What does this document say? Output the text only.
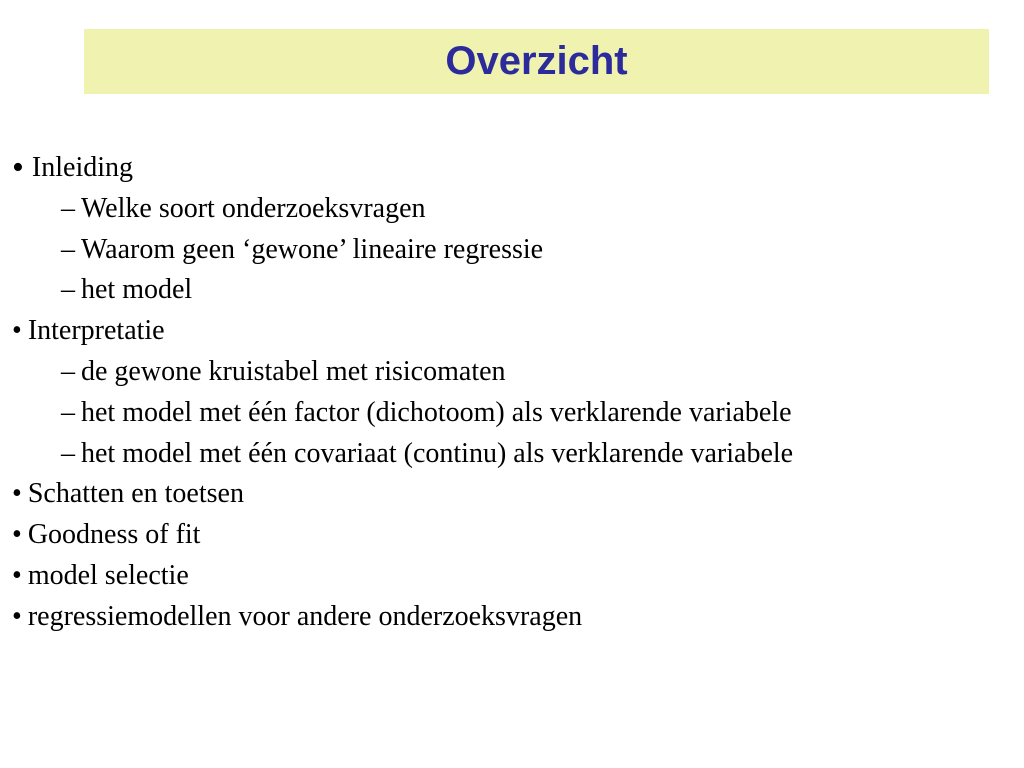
Overzicht
• Inleiding
– Welke soort onderzoeksvragen
– Waarom geen ‘gewone’ lineaire regressie
– het model
• Interpretatie
– de gewone kruistabel met risicomaten
– het model met één factor (dichotoom) als verklarende variabele
– het model met één covariaat (continu) als verklarende variabele
• Schatten en toetsen
• Goodness of fit
• model selectie
• regressiemodellen voor andere onderzoeksvragen
